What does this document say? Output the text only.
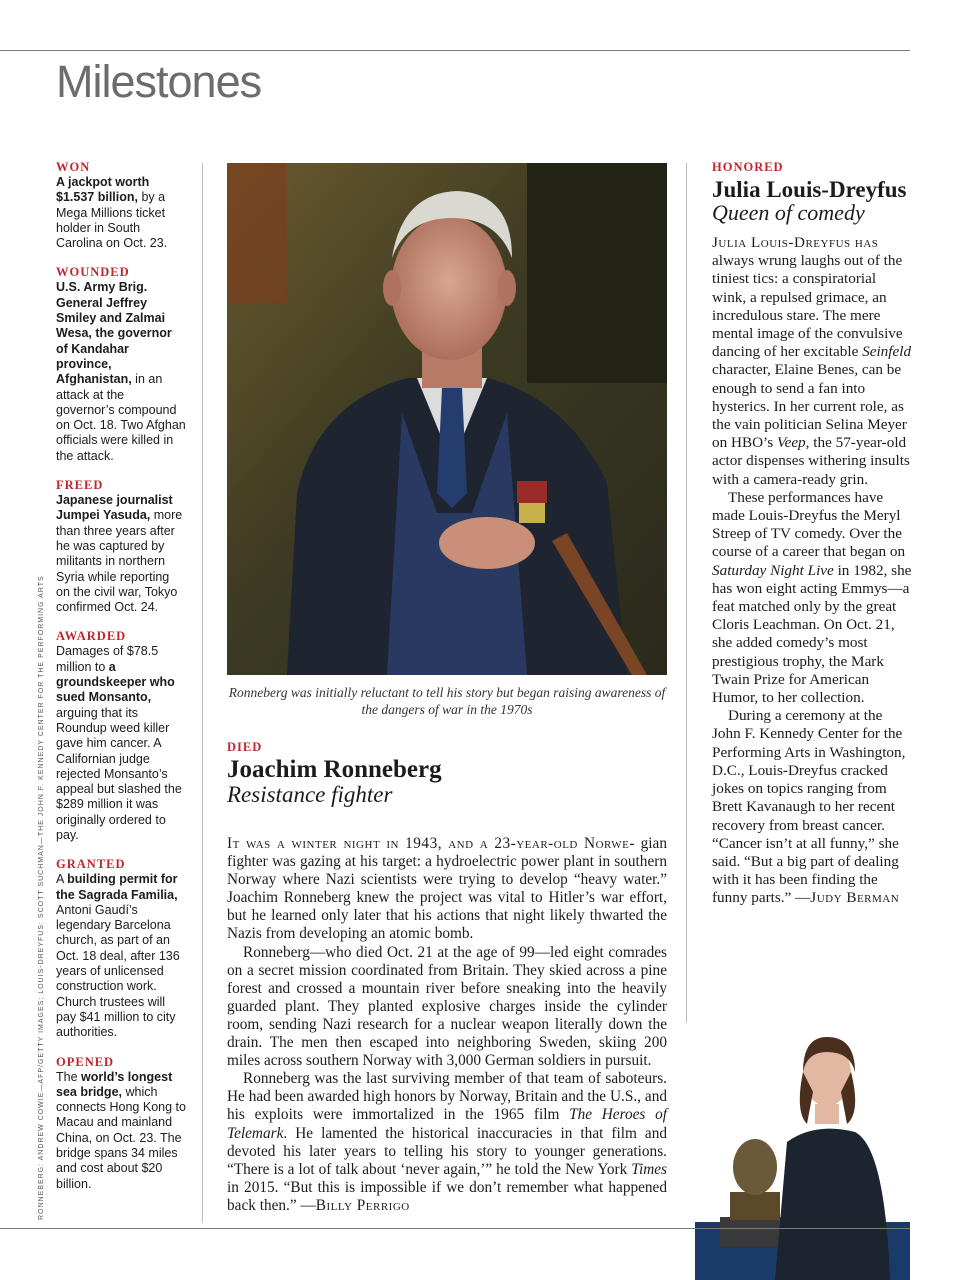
Milestones
WON
A jackpot worth $1.537 billion, by a Mega Millions ticket holder in South Carolina on Oct. 23.
WOUNDED
U.S. Army Brig. General Jeffrey Smiley and Zalmai Wesa, the governor of Kandahar province, Afghanistan, in an attack at the governor’s compound on Oct. 18. Two Afghan officials were killed in the attack.
FREED
Japanese journalist Jumpei Yasuda, more than three years after he was captured by militants in northern Syria while reporting on the civil war, Tokyo confirmed Oct. 24.
AWARDED
Damages of $78.5 million to a groundskeeper who sued Monsanto, arguing that its Roundup weed killer gave him cancer. A Californian judge rejected Monsanto’s appeal but slashed the $289 million it was originally ordered to pay.
GRANTED
A building permit for the Sagrada Familia, Antoni Gaudí’s legendary Barcelona church, as part of an Oct. 18 deal, after 136 years of unlicensed construction work. Church trustees will pay $41 million to city authorities.
OPENED
The world’s longest sea bridge, which connects Hong Kong to Macau and mainland China, on Oct. 23. The bridge spans 34 miles and cost about $20 billion.
RONNEBERG: ANDREW COWIE—AFP/GETTY IMAGES; LOUIS-DREYFUS: SCOTT SUCHMAN—THE JOHN F. KENNEDY CENTER FOR THE PERFORMING ARTS	Ronneberg was initially reluctant to tell his story but began raising awareness of the dangers of war in the 1970s
DIED
Joachim Ronneberg
Resistance fighter

It was a winter night in 1943, and a 23-year-old Norwe- gian fighter was gazing at his target: a hydroelectric power plant in southern Norway where Nazi scientists were trying to develop “heavy water.” Joachim Ronneberg knew the project was vital to Hitler’s war effort, but he learned only later that his actions that night likely thwarted the Nazis from developing an atomic bomb.

Ronneberg—who died Oct. 21 at the age of 99—led eight comrades on a secret mission coordinated from Britain. They skied across a pine forest and crossed a mountain river before sneaking into the heavily guarded plant. They planted explosive charges inside the cylinder room, sending Nazi research for a nuclear weapon literally down the drain. The men then escaped into neighboring Sweden, skiing 200 miles across southern Norway with 3,000 German soldiers in pursuit.

Ronneberg was the last surviving member of that team of saboteurs. He had been awarded high honors by Norway, Britain and the U.S., and his exploits were immortalized in the 1965 film The Heroes of Telemark. He lamented the historical inaccuracies in that film and devoted his later years to telling his story to younger generations. “There is a lot of talk about ‘never again,’” he told the New York Times in 2015. “But this is impossible if we don’t remember what happened back then.” —Billy Perrigo

HONORED
Julia Louis-Dreyfus Queen of comedy

Julia Louis-Dreyfus has always wrung laughs out of the tiniest tics: a conspiratorial wink, a repulsed grimace, an incredulous stare. The mere mental image of the convulsive dancing of her excitable Seinfeld character, Elaine Benes, can be enough to send a fan into hysterics. In her current role, as the vain politician Selina Meyer on HBO’s Veep, the 57-year-old actor dispenses withering insults with a camera-ready grin.

These performances have made Louis-Dreyfus the Meryl Streep of TV comedy. Over the course of a career that began on Saturday Night Live in 1982, she has won eight acting Emmys—a feat matched only by the great Cloris Leachman. On Oct. 21, she added comedy’s most prestigious trophy, the Mark Twain Prize for American Humor, to her collection.

During a ceremony at the John F. Kennedy Center for the Performing Arts in Washington, D.C., Louis-Dreyfus cracked jokes on topics ranging from Brett Kavanaugh to her recent recovery from breast cancer. “Cancer isn’t at all funny,” she said. “But a big part of dealing with it has been finding the funny parts.” —Judy Berman
